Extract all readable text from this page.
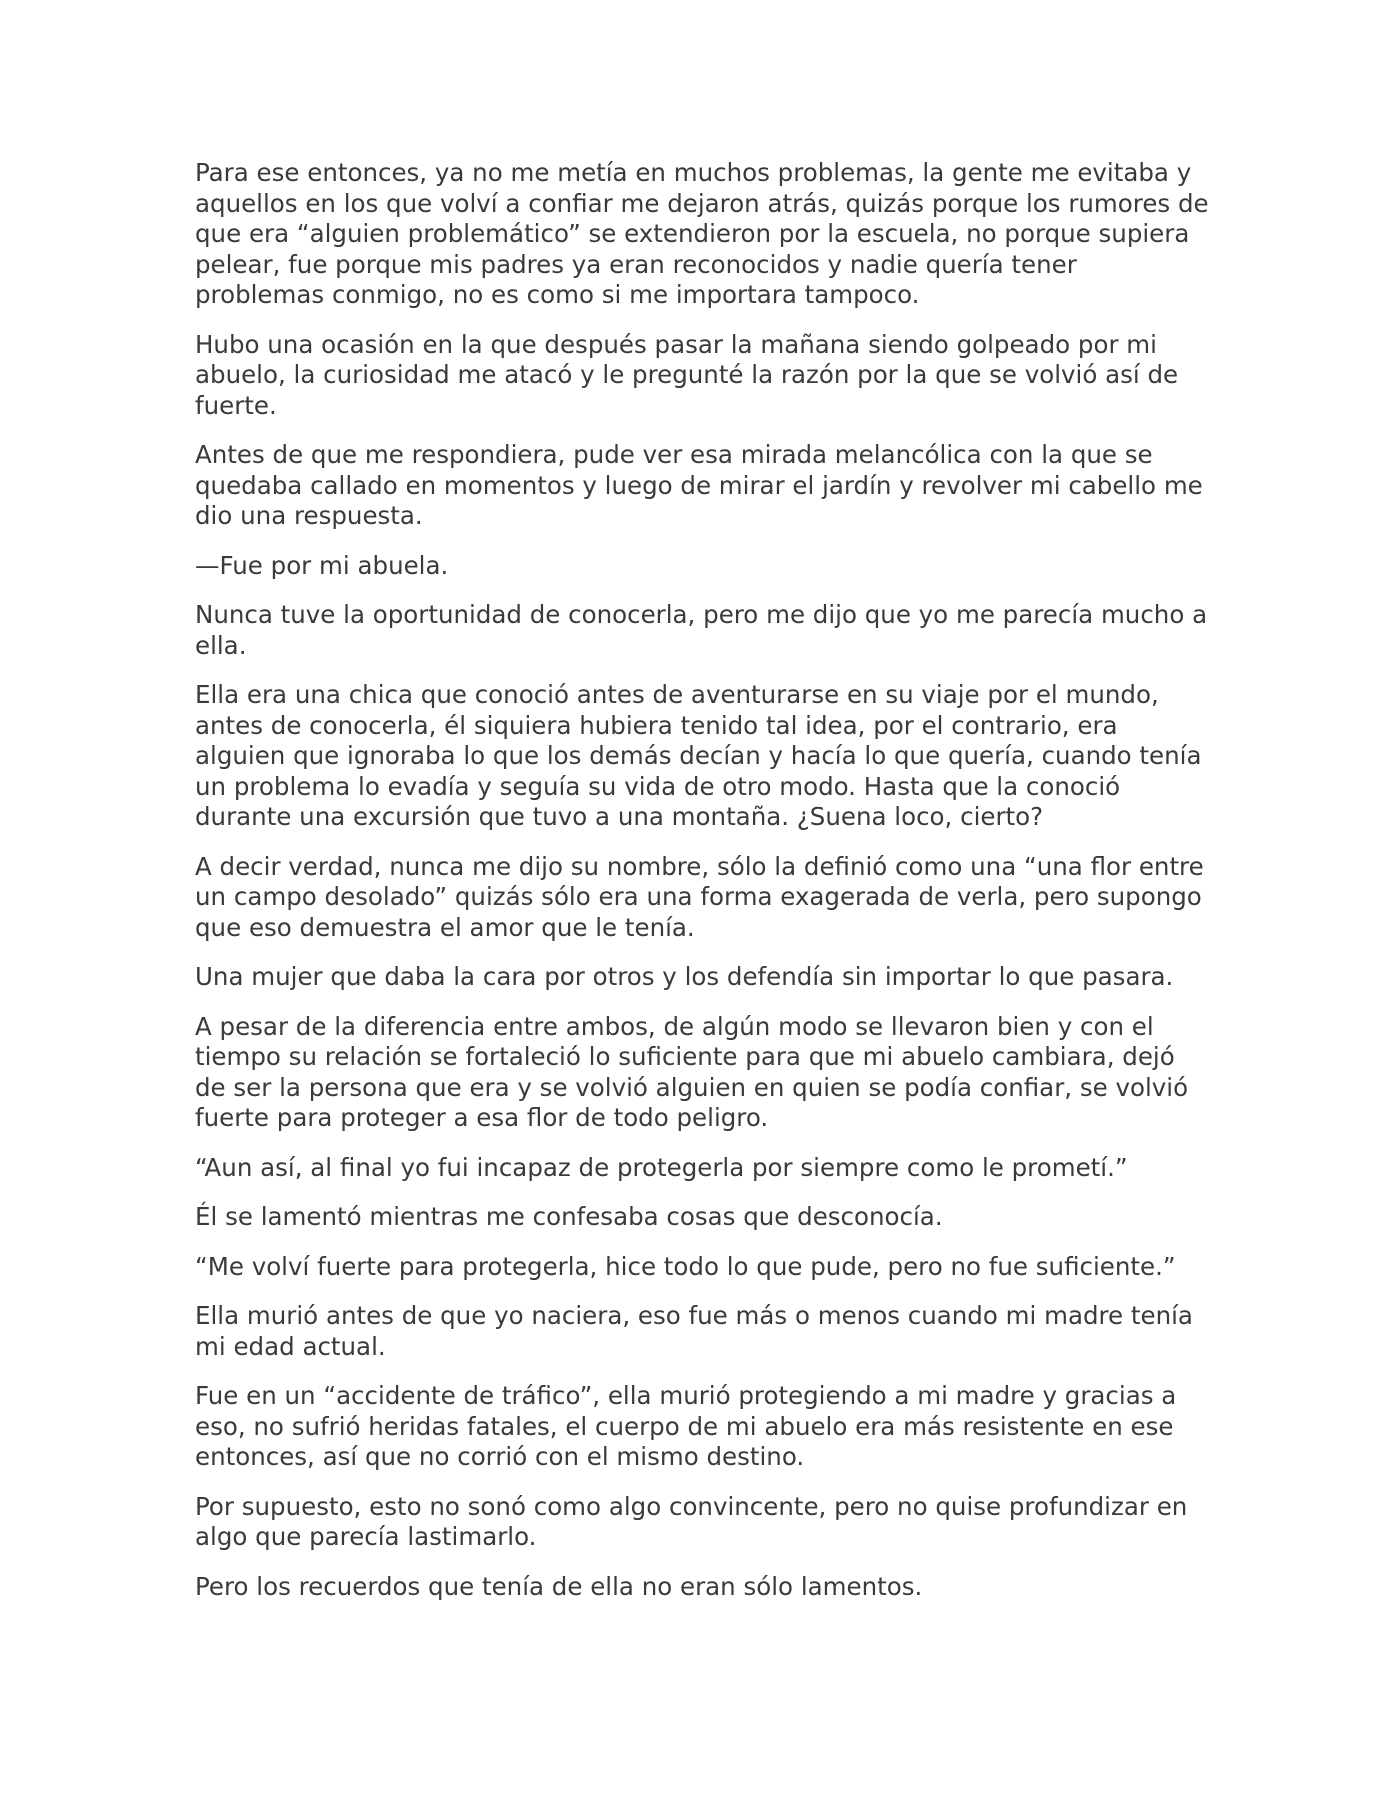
Para ese entonces, ya no me metía en muchos problemas, la gente me evitaba y aquellos en los que volví a confiar me dejaron atrás, quizás porque los rumores de que era “alguien problemático” se extendieron por la escuela, no porque supiera pelear, fue porque mis padres ya eran reconocidos y nadie quería tener problemas conmigo, no es como si me importara tampoco.

Hubo una ocasión en la que después pasar la mañana siendo golpeado por mi abuelo, la curiosidad me atacó y le pregunté la razón por la que se volvió así de fuerte.

Antes de que me respondiera, pude ver esa mirada melancólica con la que se quedaba callado en momentos y luego de mirar el jardín y revolver mi cabello me dio una respuesta.

—Fue por mi abuela.

Nunca tuve la oportunidad de conocerla, pero me dijo que yo me parecía mucho a ella.

Ella era una chica que conoció antes de aventurarse en su viaje por el mundo, antes de conocerla, él siquiera hubiera tenido tal idea, por el contrario, era alguien que ignoraba lo que los demás decían y hacía lo que quería, cuando tenía un problema lo evadía y seguía su vida de otro modo. Hasta que la conoció durante una excursión que tuvo a una montaña. ¿Suena loco, cierto?

A decir verdad, nunca me dijo su nombre, sólo la definió como una “una flor entre un campo desolado” quizás sólo era una forma exagerada de verla, pero supongo que eso demuestra el amor que le tenía.

Una mujer que daba la cara por otros y los defendía sin importar lo que pasara.

A pesar de la diferencia entre ambos, de algún modo se llevaron bien y con el tiempo su relación se fortaleció lo suficiente para que mi abuelo cambiara, dejó de ser la persona que era y se volvió alguien en quien se podía confiar, se volvió fuerte para proteger a esa flor de todo peligro.

“Aun así, al final yo fui incapaz de protegerla por siempre como le prometí.”

Él se lamentó mientras me confesaba cosas que desconocía.

“Me volví fuerte para protegerla, hice todo lo que pude, pero no fue suficiente.”

Ella murió antes de que yo naciera, eso fue más o menos cuando mi madre tenía mi edad actual.

Fue en un “accidente de tráfico”, ella murió protegiendo a mi madre y gracias a eso, no sufrió heridas fatales, el cuerpo de mi abuelo era más resistente en ese entonces, así que no corrió con el mismo destino.

Por supuesto, esto no sonó como algo convincente, pero no quise profundizar en algo que parecía lastimarlo.

Pero los recuerdos que tenía de ella no eran sólo lamentos.
